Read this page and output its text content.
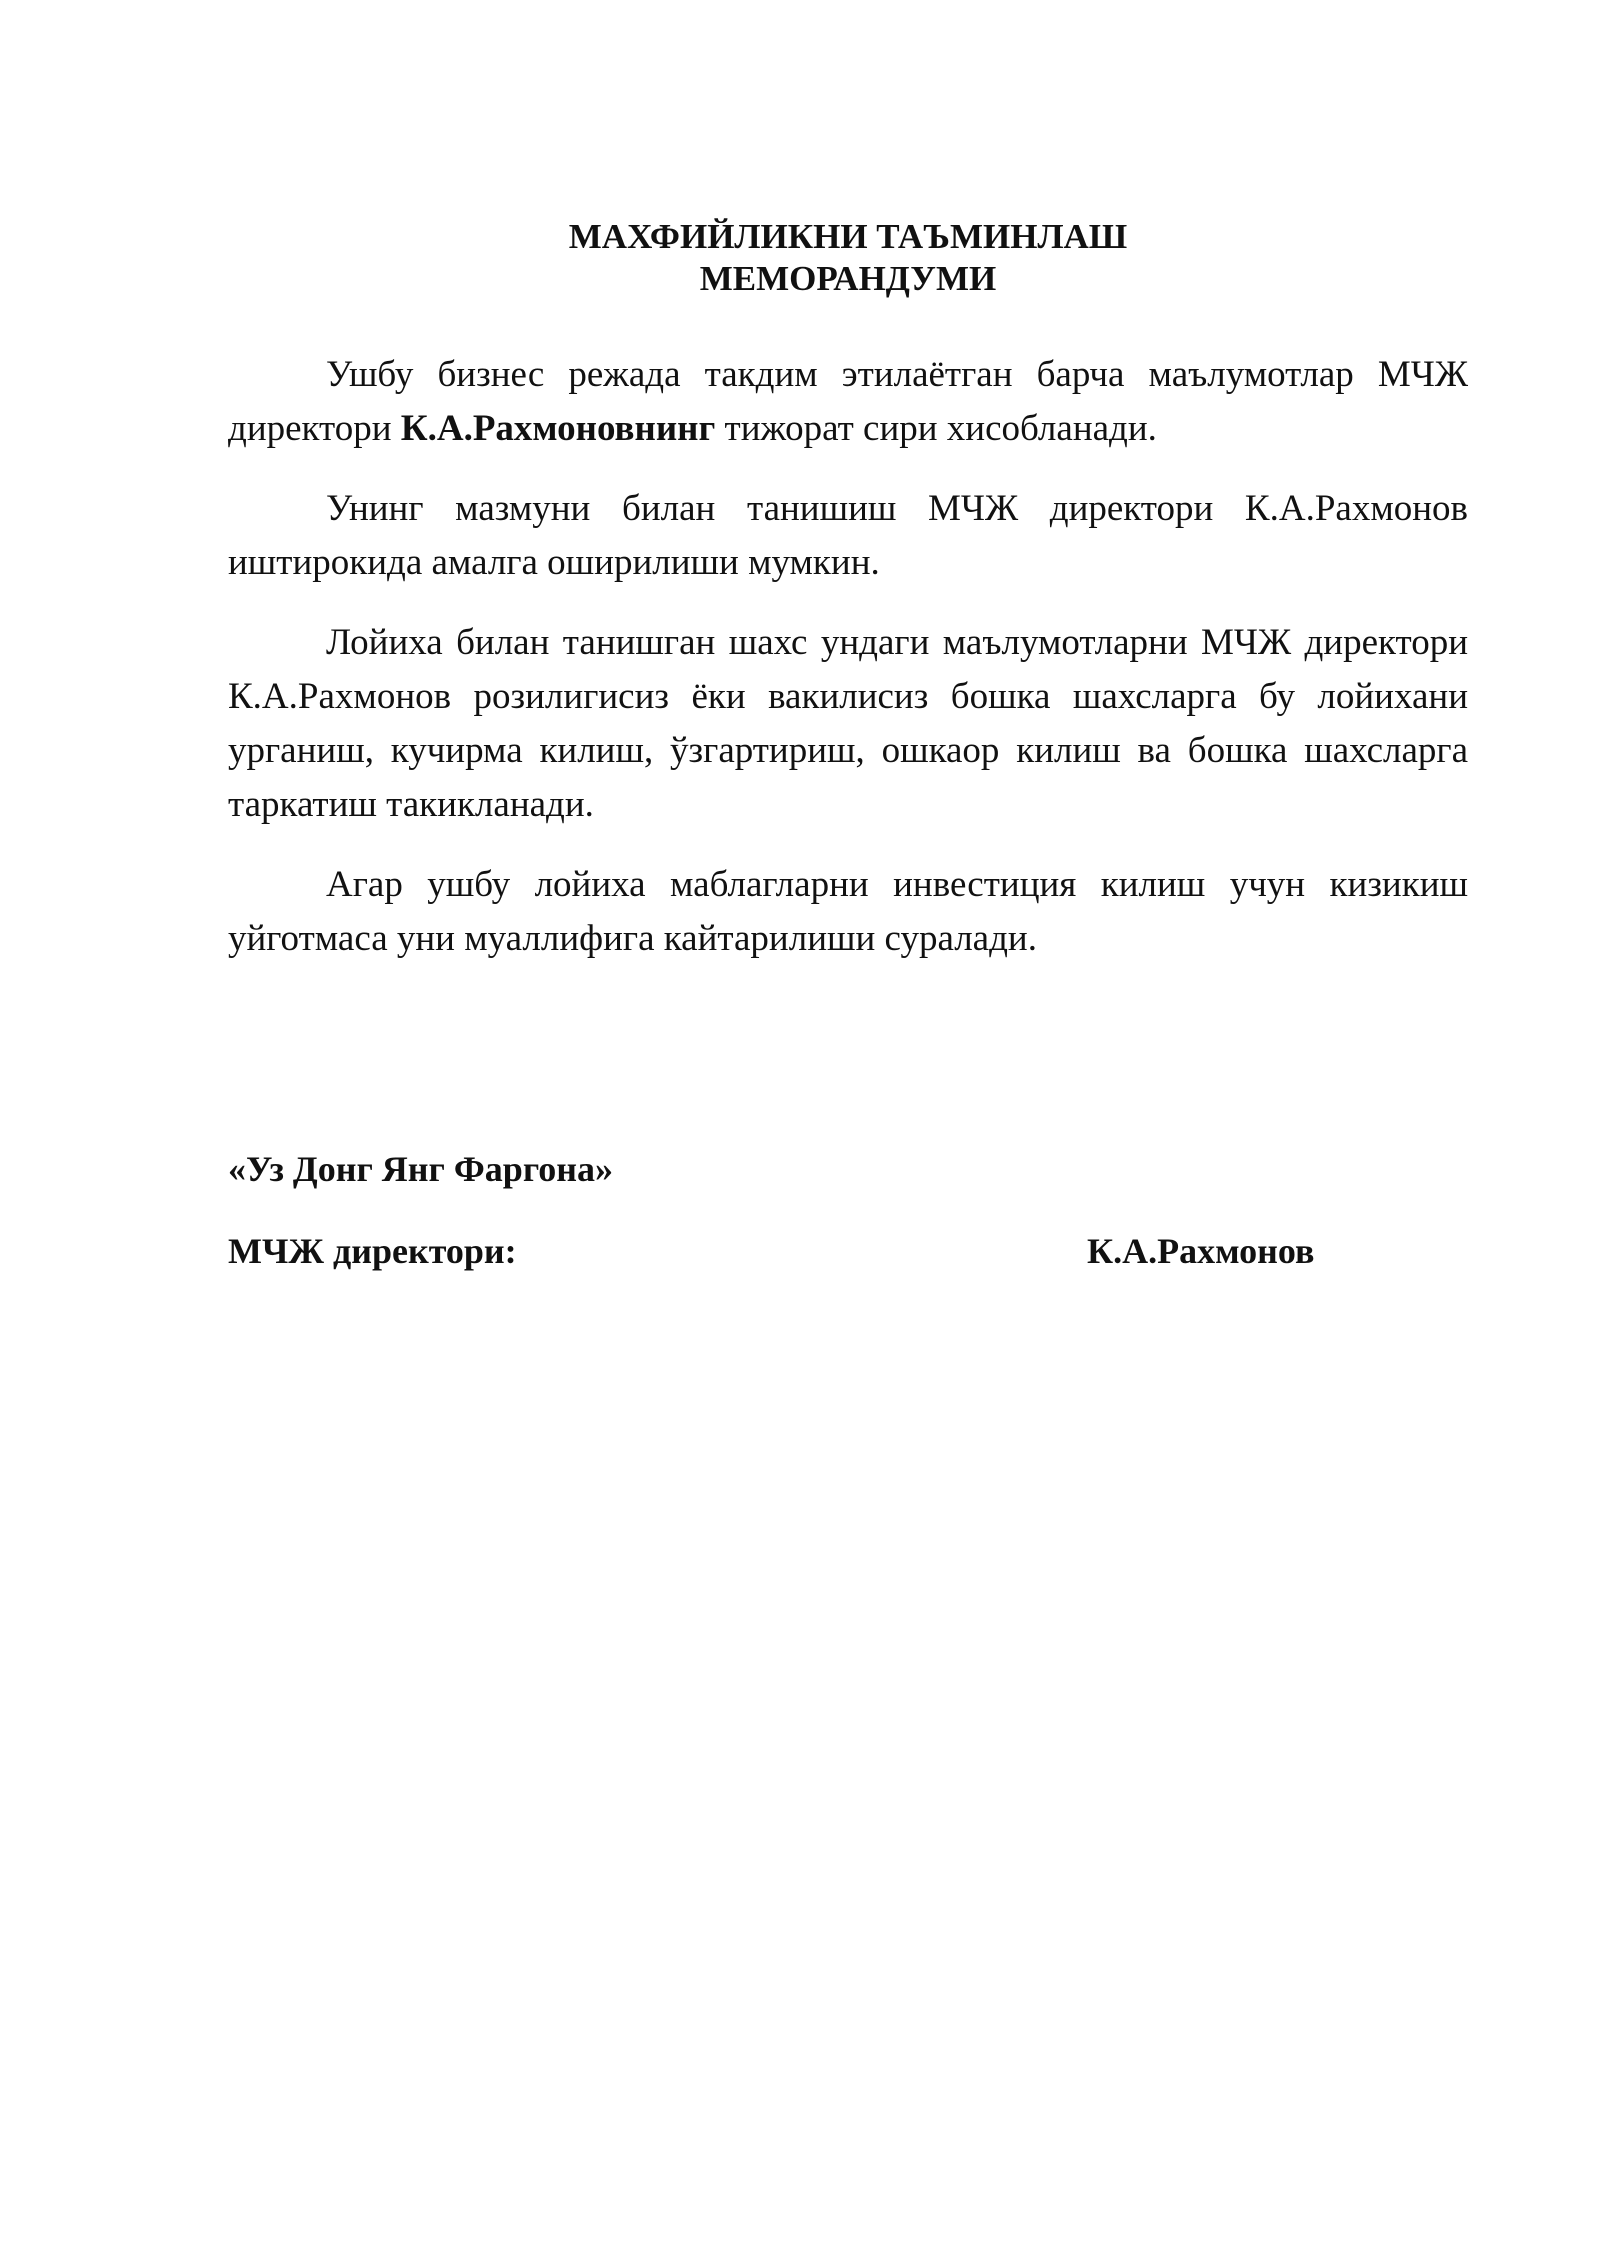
МАХФИЙЛИКНИ ТАЪМИНЛАШ
МЕМОРАНДУМИ

Ушбу бизнес режада такдим этилаётган барча маълумотлар МЧЖ директори К.А.Рахмоновнинг тижорат сири хисобланади.

Унинг мазмуни билан танишиш МЧЖ директори К.А.Рахмонов иштирокида амалга оширилиши мумкин.

Лойиха билан танишган шахс ундаги маълумотларни МЧЖ директори К.А.Рахмонов розилигисиз ёки вакилисиз бошка шахсларга бу лойихани урганиш, кучирма килиш, ўзгартириш, ошкаор килиш ва бошка шахсларга таркатиш такикланади.

Агар ушбу лойиха маблагларни инвестиция килиш учун кизикиш уйготмаса уни муаллифига кайтарилиши суралади.

«Уз Донг Янг Фаргона»

МЧЖ директори:	К.А.Рахмонов
